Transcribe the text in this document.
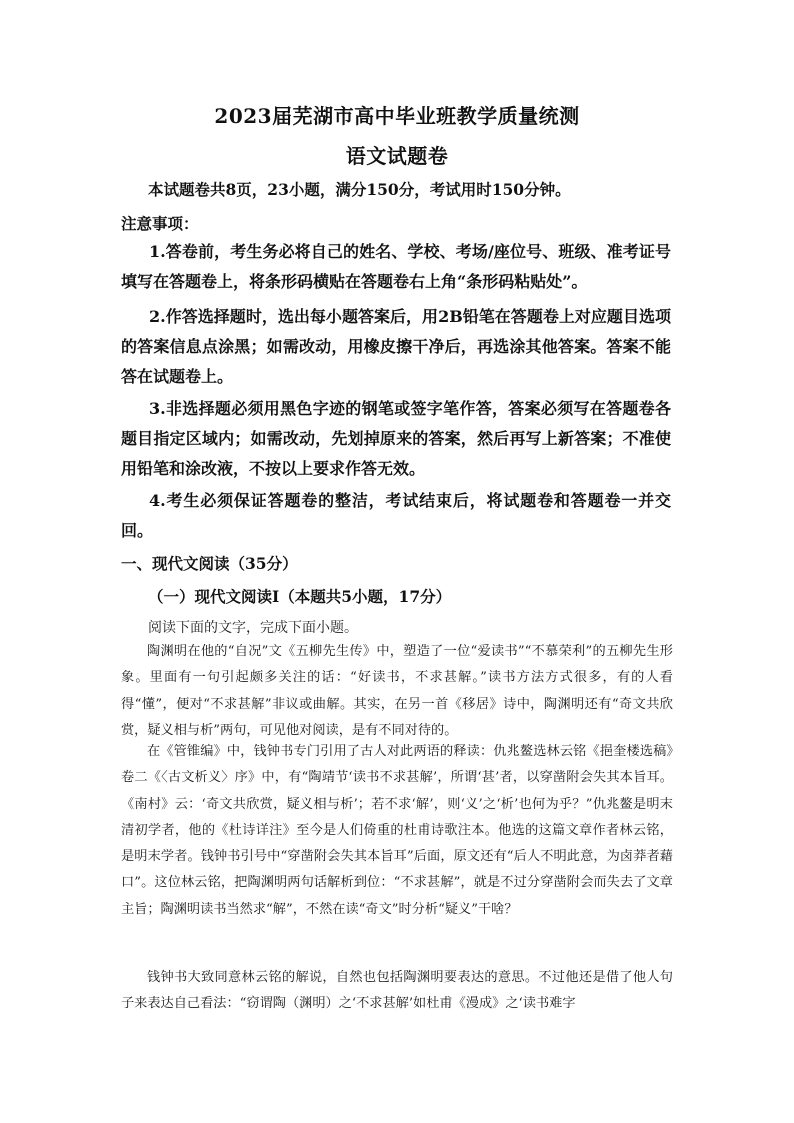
2023届芜湖市高中毕业班教学质量统测
语文试题卷
本试题卷共8页，23小题，满分150分，考试用时150分钟。
注意事项：
1.答卷前，考生务必将自己的姓名、学校、考场/座位号、班级、准考证号填写在答题卷上，将条形码横贴在答题卷右上角“条形码粘贴处”。
2.作答选择题时，选出每小题答案后，用2B铅笔在答题卷上对应题目选项的答案信息点涂黑；如需改动，用橡皮擦干净后，再选涂其他答案。答案不能答在试题卷上。
3.非选择题必须用黑色字迹的钢笔或签字笔作答，答案必须写在答题卷各题目指定区域内；如需改动，先划掉原来的答案，然后再写上新答案；不准使用铅笔和涂改液，不按以上要求作答无效。
4.考生必须保证答题卷的整洁，考试结束后，将试题卷和答题卷一并交回。
一、现代文阅读（35分）
（一）现代文阅读Ⅰ（本题共5小题，17分）
阅读下面的文字，完成下面小题。
陶渊明在他的“自况”文《五柳先生传》中，塑造了一位“爱读书”“不慕荣利”的五柳先生形象。里面有一句引起颇多关注的话：“好读书，不求甚解。”读书方法方式很多，有的人看得“懂”，便对“不求甚解”非议或曲解。其实，在另一首《移居》诗中，陶渊明还有“奇文共欣赏，疑义相与析”两句，可见他对阅读，是有不同对待的。
在《管锥编》中，钱钟书专门引用了古人对此两语的释读：仇兆鳌选林云铭《挹奎楼选稿》卷二《〈古文析义〉序》中，有“陶靖节‘读书不求甚解’，所谓‘甚’者，以穿凿附会失其本旨耳。《南村》云：‘奇文共欣赏，疑义相与析’；若不求‘解’，则‘义’之‘析’也何为乎？”仇兆鳌是明末清初学者，他的《杜诗详注》至今是人们倚重的杜甫诗歌注本。他选的这篇文章作者林云铭，是明末学者。钱钟书引号中“穿凿附会失其本旨耳”后面，原文还有“后人不明此意，为卤莽者藉口”。这位林云铭，把陶渊明两句话解析到位：“不求甚解”，就是不过分穿凿附会而失去了文章主旨；陶渊明读书当然求“解”，不然在读“奇文”时分析“疑义”干啥？
钱钟书大致同意林云铭的解说，自然也包括陶渊明要表达的意思。不过他还是借了他人句子来表达自己看法：“窃谓陶（渊明）之‘不求甚解’如杜甫《漫成》之‘读书难字
